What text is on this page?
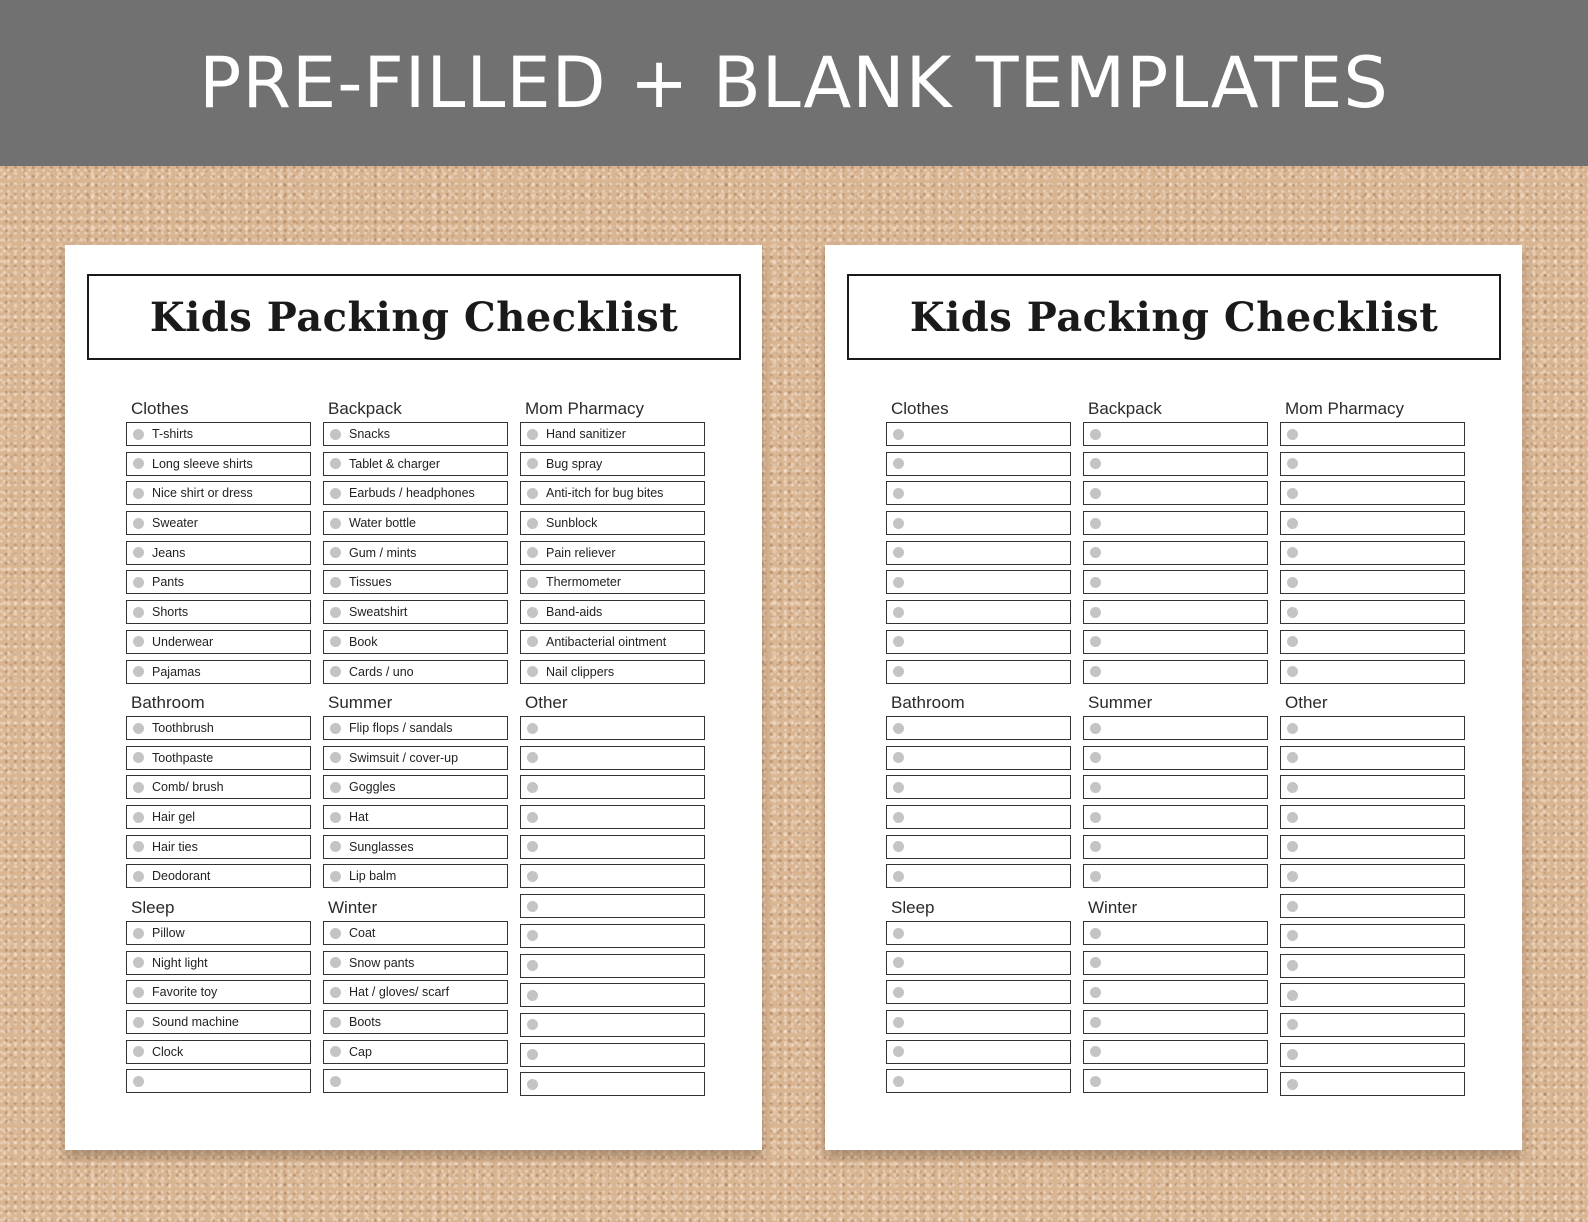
PRE-FILLED + BLANK TEMPLATES
Kids Packing Checklist
Clothes
T-shirts
Long sleeve shirts
Nice shirt or dress
Sweater
Jeans
Pants
Shorts
Underwear
Pajamas
Backpack
Snacks
Tablet & charger
Earbuds / headphones
Water bottle
Gum / mints
Tissues
Sweatshirt
Book
Cards / uno
Mom Pharmacy
Hand sanitizer
Bug spray
Anti-itch for bug bites
Sunblock
Pain reliever
Thermometer
Band-aids
Antibacterial ointment
Nail clippers
Bathroom
Toothbrush
Toothpaste
Comb/ brush
Hair gel
Hair ties
Deodorant
Summer
Flip flops / sandals
Swimsuit / cover-up
Goggles
Hat
Sunglasses
Lip balm
Other
Sleep
Pillow
Night light
Favorite toy
Sound machine
Clock
Winter
Coat
Snow pants
Hat / gloves/ scarf
Boots
Cap
Kids Packing Checklist
Clothes	Backpack	Mom Pharmacy
Bathroom	Summer	Other
Sleep	Winter
